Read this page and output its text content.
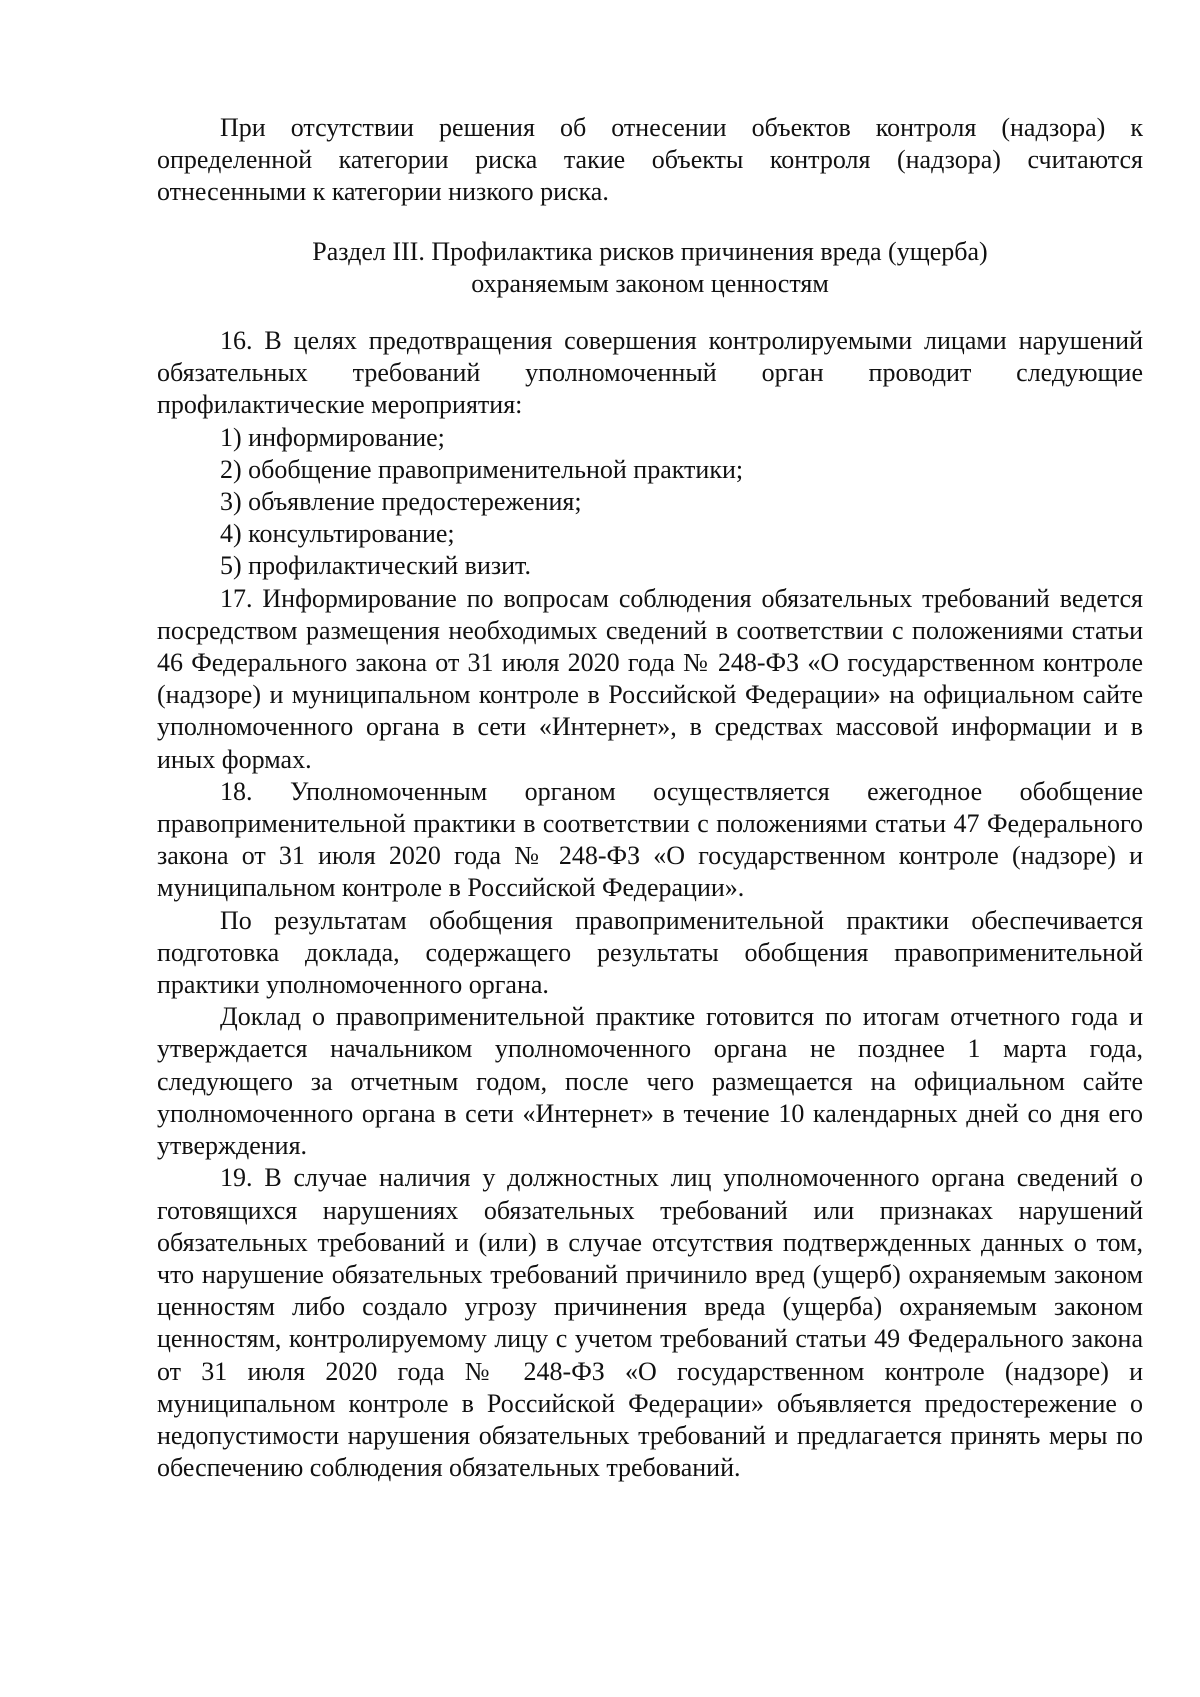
При отсутствии решения об отнесении объектов контроля (надзора) к определенной категории риска такие объекты контроля (надзора) считаются отнесенными к категории низкого риска.

Раздел III. Профилактика рисков причинения вреда (ущерба)
охраняемым законом ценностям

16. В целях предотвращения совершения контролируемыми лицами нарушений обязательных требований уполномоченный орган проводит следующие профилактические мероприятия:

1) информирование;

2) обобщение правоприменительной практики;

3) объявление предостережения;

4) консультирование;

5) профилактический визит.

17. Информирование по вопросам соблюдения обязательных требований ведется посредством размещения необходимых сведений в соответствии с положениями статьи 46 Федерального закона от 31 июля 2020 года № 248-ФЗ «О государственном контроле (надзоре) и муниципальном контроле в Российской Федерации» на официальном сайте уполномоченного органа в сети «Интернет», в средствах массовой информации и в иных формах.

18. Уполномоченным органом осуществляется ежегодное обобщение правоприменительной практики в соответствии с положениями статьи 47 Федерального закона от 31 июля 2020 года № 248-ФЗ «О государственном контроле (надзоре) и муниципальном контроле в Российской Федерации».

По результатам обобщения правоприменительной практики обеспечивается подготовка доклада, содержащего результаты обобщения правоприменительной практики уполномоченного органа.

Доклад о правоприменительной практике готовится по итогам отчетного года и утверждается начальником уполномоченного органа не позднее 1 марта года, следующего за отчетным годом, после чего размещается на официальном сайте уполномоченного органа в сети «Интернет» в течение 10 календарных дней со дня его утверждения.

19. В случае наличия у должностных лиц уполномоченного органа сведений о готовящихся нарушениях обязательных требований или признаках нарушений обязательных требований и (или) в случае отсутствия подтвержденных данных о том, что нарушение обязательных требований причинило вред (ущерб) охраняемым законом ценностям либо создало угрозу причинения вреда (ущерба) охраняемым законом ценностям, контролируемому лицу с учетом требований статьи 49 Федерального закона от 31 июля 2020 года № 248-ФЗ «О государственном контроле (надзоре) и муниципальном контроле в Российской Федерации» объявляется предостережение о недопустимости нарушения обязательных требований и предлагается принять меры по обеспечению соблюдения обязательных требований.
